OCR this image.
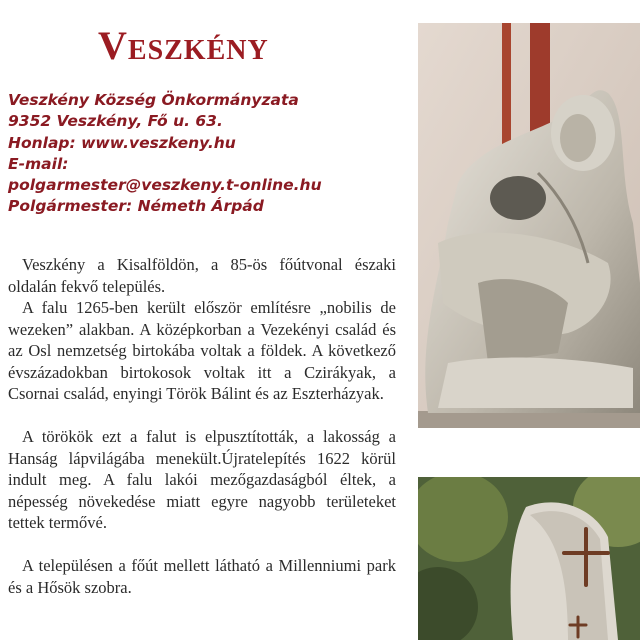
Veszkény
Veszkény Község Önkormányzata
9352 Veszkény, Fő u. 63.
Honlap: www.veszkeny.hu
E-mail:
polgarmester@veszkeny.t-online.hu
Polgármester: Németh Árpád

Veszkény a Kisalföldön, a 85-ös főútvonal északi oldalán fekvő település.

A falu 1265-ben került először említésre „nobilis de wezeken” alakban. A középkorban a Vezekényi család és az Osl nemzetség birtokába voltak a földek. A következő évszázadokban birtokosok voltak itt a Czirákyak, a Csornai család, enyingi Török Bálint és az Eszterházyak.

A törökök ezt a falut is elpusztították, a lakosság a Hanság lápvilágába menekült.Újratelepítés 1622 körül indult meg. A falu lakói mezőgazdaságból éltek, a népesség növekedése miatt egyre nagyobb területeket tettek termővé.

A településen a főút mellett látható a Millenniumi park és a Hősök szobra.
